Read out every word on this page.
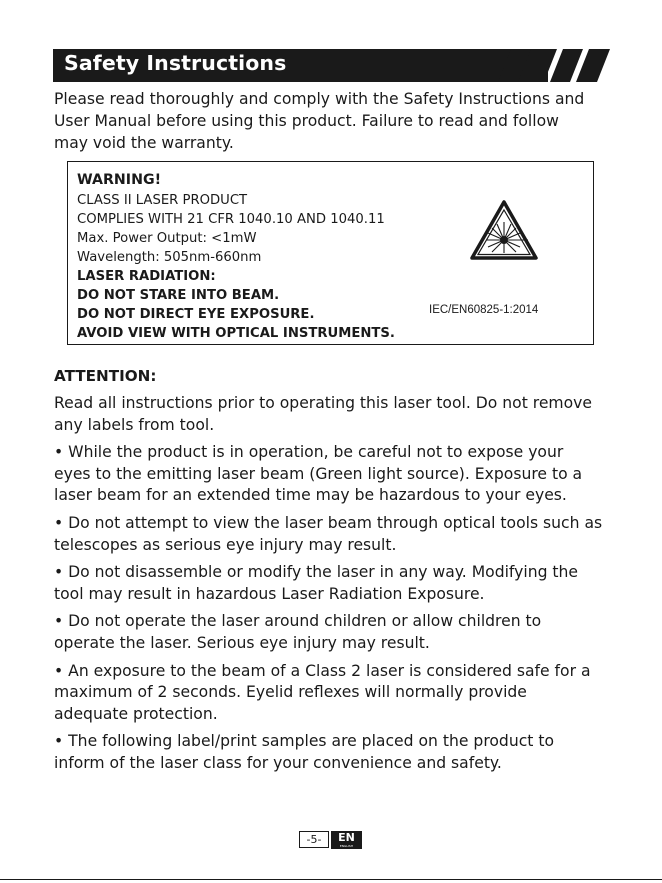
Safety Instructions
Please read thoroughly and comply with the Safety Instructions and User Manual before using this product. Failure to read and follow may void the warranty.
WARNING!
CLASS II LASER PRODUCT
COMPLIES WITH 21 CFR 1040.10 AND 1040.11
Max. Power Output: <1mW
Wavelength: 505nm-660nm
LASER RADIATION:
DO NOT STARE INTO BEAM.
DO NOT DIRECT EYE EXPOSURE.
AVOID VIEW WITH OPTICAL INSTRUMENTS.
IEC/EN60825-1:2014
ATTENTION:
Read all instructions prior to operating this laser tool. Do not remove any labels from tool.
• While the product is in operation, be careful not to expose your eyes to the emitting laser beam (Green light source). Exposure to a laser beam for an extended time may be hazardous to your eyes.
• Do not attempt to view the laser beam through optical tools such as telescopes as serious eye injury may result.
• Do not disassemble or modify the laser in any way. Modifying the tool may result in hazardous Laser Radiation Exposure.
• Do not operate the laser around children or allow children to operate the laser. Serious eye injury may result.
• An exposure to the beam of a Class 2 laser is considered safe for a maximum of 2 seconds. Eyelid reflexes will normally provide adequate protection.
• The following label/print samples are placed on the product to inform of the laser class for your convenience and safety.
-5-	EN
ENGLISH
